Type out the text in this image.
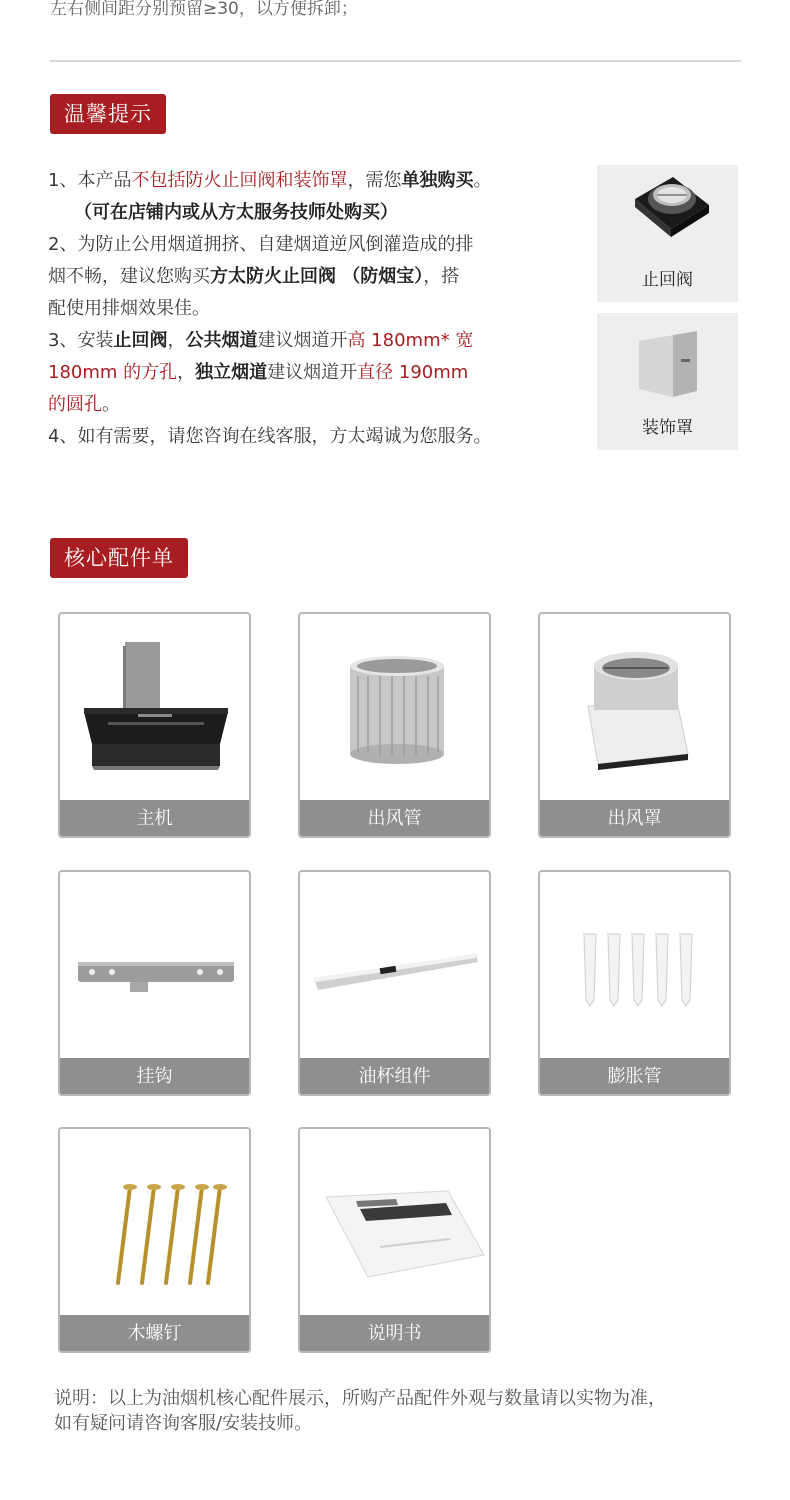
左右侧间距分别预留≥30，以方便拆卸；
温馨提示

1、本产品不包括防火止回阀和装饰罩，需您单独购买。

（可在店铺内或从方太服务技师处购买）

2、为防止公用烟道拥挤、自建烟道逆风倒灌造成的排

烟不畅，建议您购买方太防火止回阀 （防烟宝），搭

配使用排烟效果佳。

3、安装止回阀，公共烟道建议烟道开高 180mm* 宽

180mm 的方孔，独立烟道建议烟道开直径 190mm

的圆孔。

4、如有需要，请您咨询在线客服，方太竭诚为您服务。

止回阀
装饰罩
核心配件单
主机	出风管	出风罩
挂钩	油杯组件	膨胀管
木螺钉	说明书

说明：以上为油烟机核心配件展示，所购产品配件外观与数量请以实物为准，

如有疑问请咨询客服/安装技师。
